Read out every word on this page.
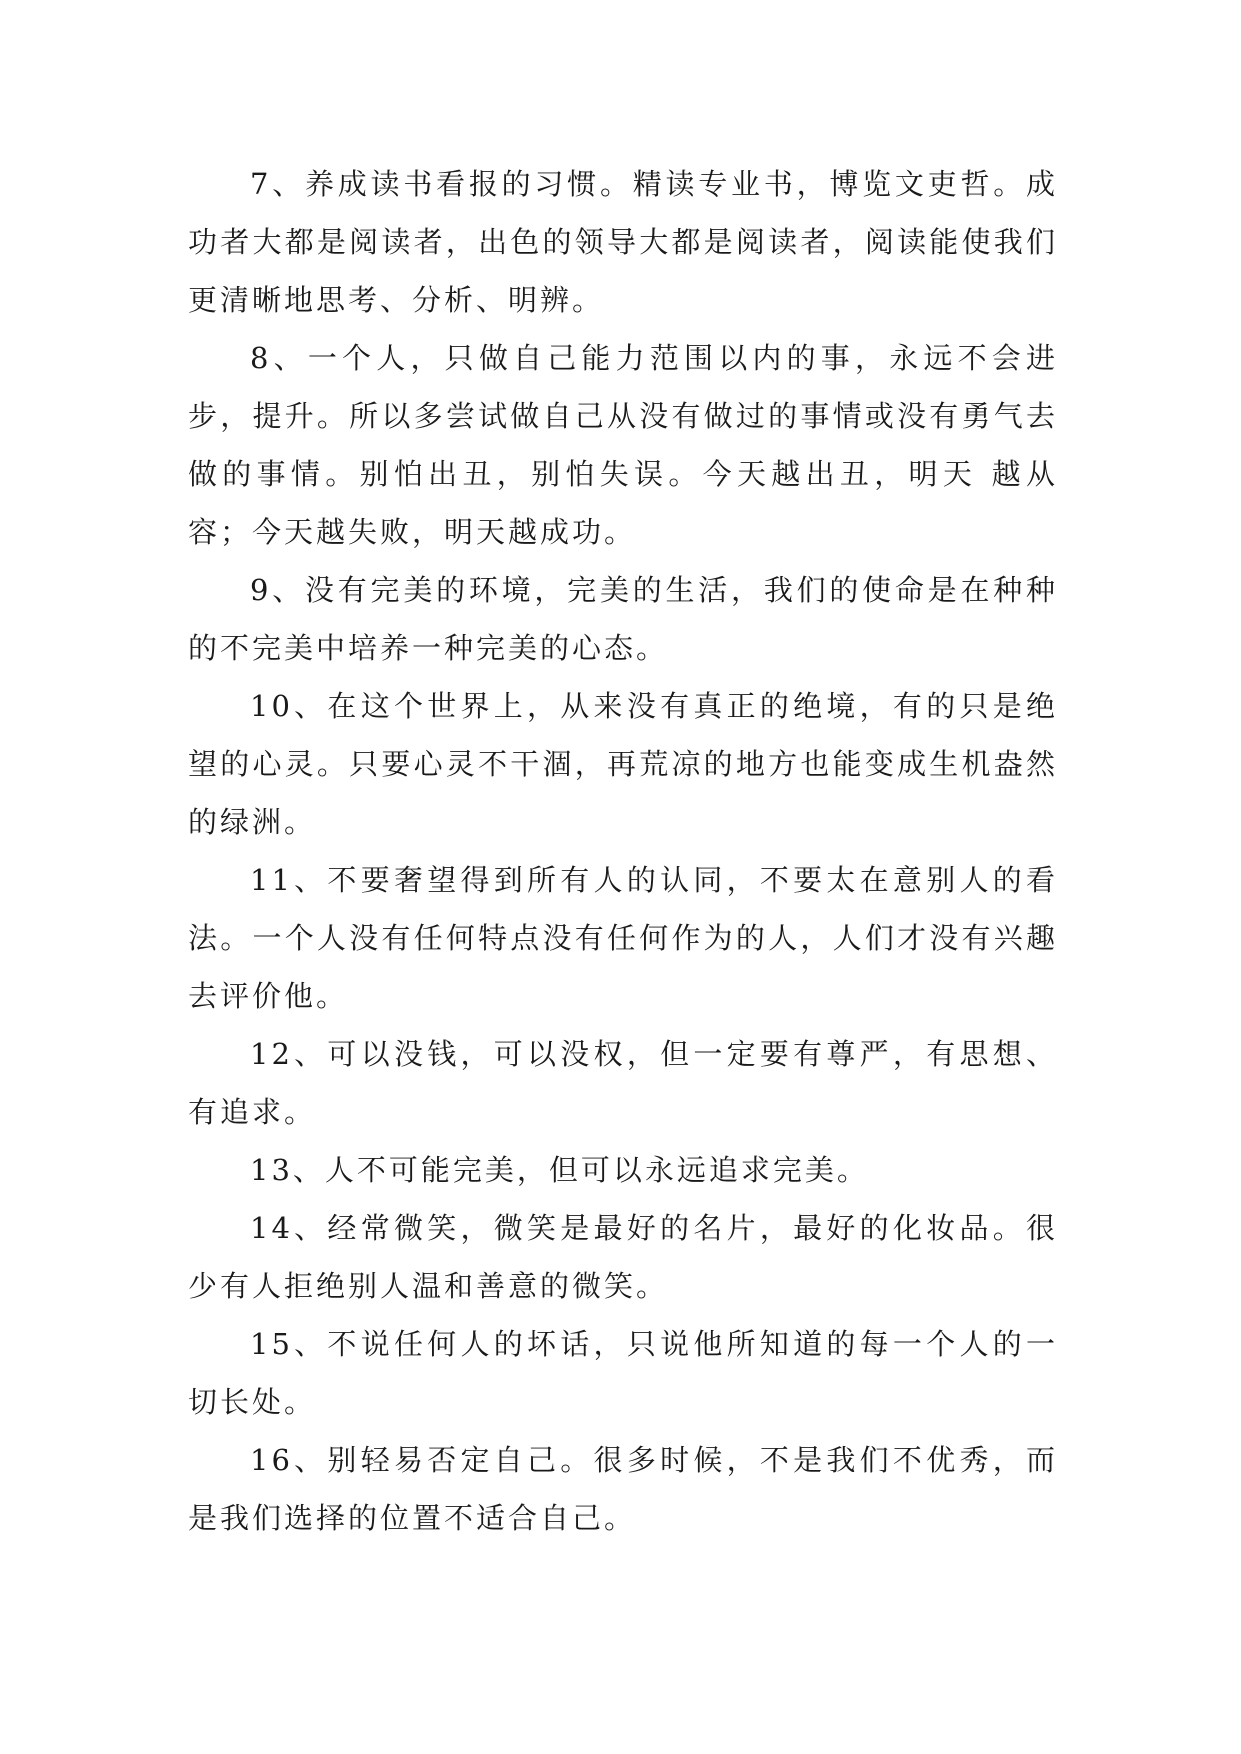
7、养成读书看报的习惯。精读专业书，博览文吏哲。成功者大都是阅读者，出色的领导大都是阅读者，阅读能使我们更清晰地思考、分析、明辨。

8、一个人，只做自己能力范围以内的事，永远不会进步，提升。所以多尝试做自己从没有做过的事情或没有勇气去做的事情。别怕出丑，别怕失误。今天越出丑，明天 越从容；今天越失败，明天越成功。

9、没有完美的环境，完美的生活，我们的使命是在种种的不完美中培养一种完美的心态。

10、在这个世界上，从来没有真正的绝境，有的只是绝望的心灵。只要心灵不干涸，再荒凉的地方也能变成生机盎然的绿洲。

11、不要奢望得到所有人的认同，不要太在意别人的看法。一个人没有任何特点没有任何作为的人，人们才没有兴趣去评价他。

12、可以没钱，可以没权，但一定要有尊严，有思想、有追求。

13、人不可能完美，但可以永远追求完美。

14、经常微笑，微笑是最好的名片，最好的化妆品。很少有人拒绝别人温和善意的微笑。

15、不说任何人的坏话，只说他所知道的每一个人的一切长处。

16、别轻易否定自己。很多时候，不是我们不优秀，而是我们选择的位置不适合自己。
